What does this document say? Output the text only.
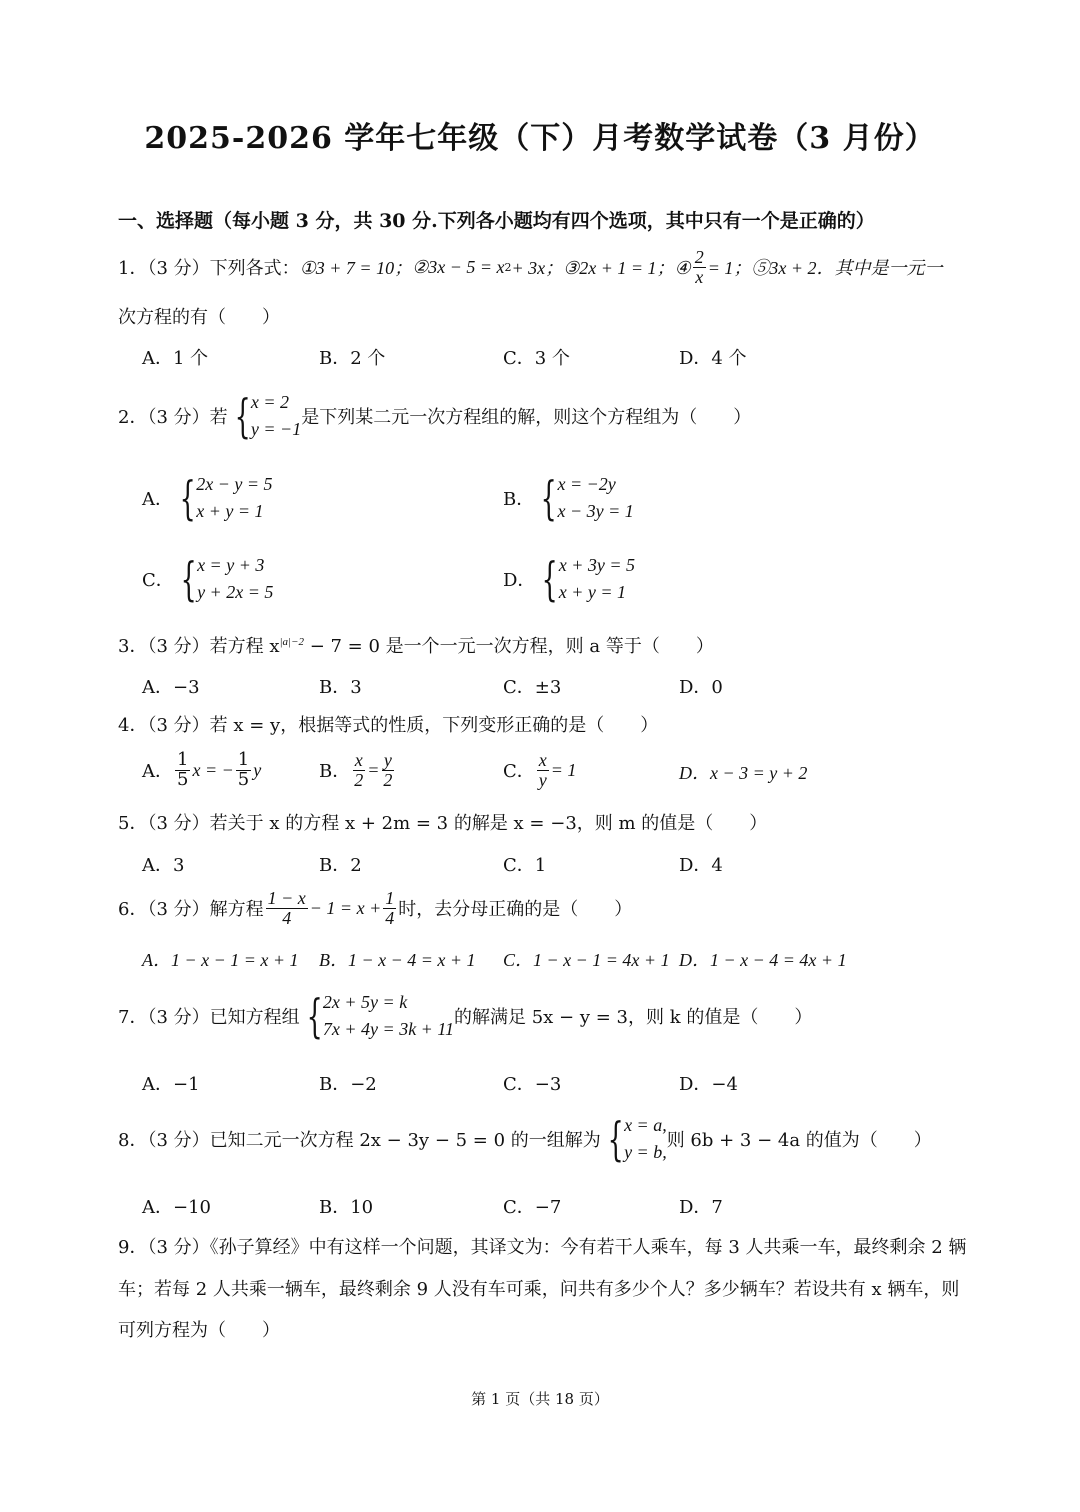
2025-2026 学年七年级（下）月考数学试卷（3 月份）
一、选择题（每小题 3 分，共 30 分.下列各小题均有四个选项，其中只有一个是正确的）
1．（3 分）下列各式： ①3 + 7 = 10； ②3x − 5 = x 2 + 3x； ③2x + 1 = 1；④ $\frac{2}{x} = 1$；⑤3x + 2．其中是一元一
次方程的有（　　）
A．1 个	B．2 个	C．3 个	D．4 个
2．（3 分）若 { x = 2
y = −1
是下列某二元一次方程组的解，则这个方程组为（　　）
A． { 2x − y = 5
x + y = 1
B． { x = −2y
x − 3y = 1
C． { x = y + 3
y + 2x = 5
D． { x + 3y = 5
x + y = 1
3．（3 分）若方程 $x^{|a|-2} - 7 = 0$ 是一个一元一次方程，则 a 等于（　　）
A．−3	B．3	C．±3	D．0
4．（3 分）若 x = y，根据等式的性质，下列变形正确的是（　　）
A． $\frac{1}{5}$ x = − $\frac{1}{5}$ y	B． $\frac{x}{2} = \frac{y}{2}$	C． $\frac{x}{y} = 1$	D．x − 3 = y + 2
5．（3 分）若关于 x 的方程 x + 2m = 3 的解是 x = −3，则 m 的值是（　　）
A．3	B．2	C．1	D．4
6．（3 分）解方程 $\frac{1 - x}{4} - 1 = x + \frac{1}{4}$ 时，去分母正确的是（　　）
A．1 − x − 1 = x + 1 B．1 − x − 4 = x + 1 C．1 − x − 1 = 4x + 1 D．1 − x − 4 = 4x + 1
7．（3 分）已知方程组 { 2x + 5y = k
7x + 4y = 3k + 11
的解满足 5x − y = 3，则 k 的值是（　　）
A．−1	B．−2	C．−3	D．−4
8．（3 分）已知二元一次方程 2x − 3y − 5 = 0 的一组解为 { x = a,
y = b,
则 6b + 3 − 4a 的值为（　　）
A．−10	B．10	C．−7	D．7
9．（3 分）《孙子算经》中有这样一个问题，其译文为：今有若干人乘车，每 3 人共乘一车，最终剩余 2 辆
车；若每 2 人共乘一辆车，最终剩余 9 人没有车可乘，问共有多少个人？多少辆车？若设共有 x 辆车，则
可列方程为（　　）
第 1 页（共 18 页）
